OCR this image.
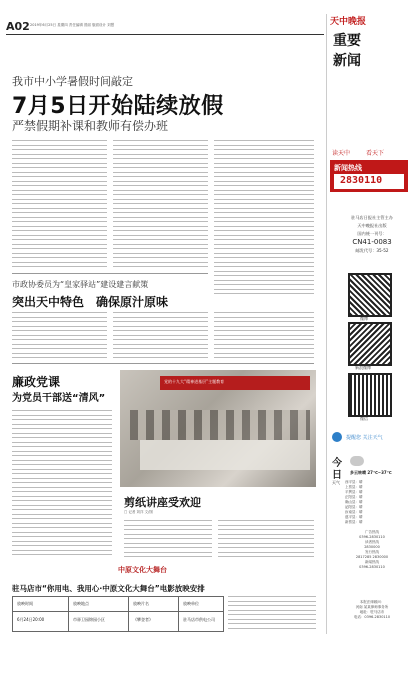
A02 2019年6月25日 星期四 责任编辑 曾丽 版面设计 刘慧
我市中小学暑假时间敲定
7月5日开始陆续放假
严禁假期补课和教师有偿办班
市政协委员为“皇家驿站”建设建言献策
突出天中特色　确保原汁原味
廉政党课
为党员干部送“清风”
党的十九大“精神进基层”主题教育
剪纸讲座受欢迎
□ 记者 刘洋 文/图
中原文化大舞台
驻马店市“你用电、我用心·中原文化大舞台”电影放映安排
放映时间	放映地点	放映片名	放映单位
6月24日20:00	市驿卫园锦园小区	《攀登者》	驻马店市供电公司
天中晚报
重要
新闻
读天中	看天下
新闻热线
2830110
驻马店日报社主管主办
天中晚报社出版
国内统一刊号：
CN41-0083
邮发代号：35-52
微博
新浪微博
微信
提醒您 关注天气
今
日
天气
多云转晴 27℃~37℃
西平县：晴
上蔡县：晴
平舆县：晴
正阳县：晴
确山县：晴
泌阳县：晴
汝南县：晴
遂平县：晴
新蔡县：晴
广告热线
0396-2830110
读者热线
2830000
发行热线
2817285 2830000
新闻热线
0396-2830110
本报法律顾问：
河南 某某律师事务所
地址：驻马店市
电话：0396-2830110
